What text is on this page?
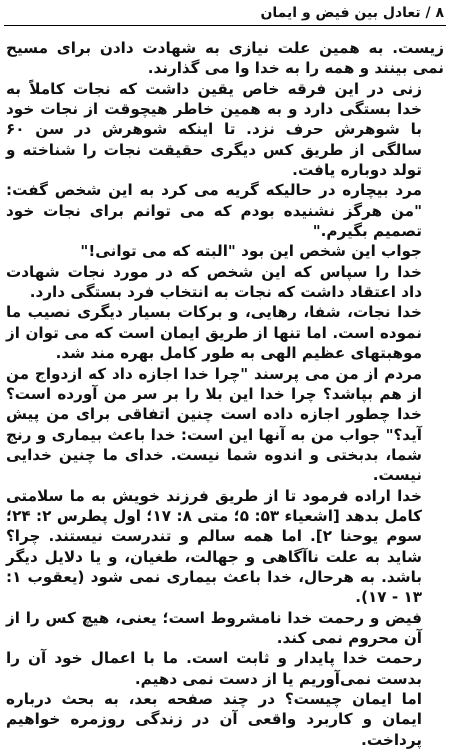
۸ / تعادل بین فیض و ایمان

زیست. به همین علت نیازی به شهادت دادن برای مسیح نمی بینند و همه را به خدا وا می گذارند.

زنی در این فرقه خاص یقین داشت که نجات کاملاً به خدا بستگی دارد و به همین خاطر هیچوقت از نجات خود با شوهرش حرف نزد. تا اینکه شوهرش در سن ۶۰ سالگی از طریق کس دیگری حقیقت نجات را شناخته و تولد دوباره یافت.

مرد بیچاره در حالیکه گریه می کرد به این شخص گفت: "من هرگز نشنیده بودم که می توانم برای نجات خود تصمیم بگیرم."

جواب این شخص این بود "البته که می توانی!"

خدا را سپاس که این شخص که در مورد نجات شهادت داد اعتقاد داشت که نجات به انتخاب فرد بستگی دارد.

خدا نجات، شفا، رهایی، و برکات بسیار دیگری نصیب ما نموده است. اما تنها از طریق ایمان است که می توان از موهبتهای عظیم الهی به طور کامل بهره مند شد.

مردم از من می پرسند "چرا خدا اجازه داد که ازدواج من از هم بپاشد؟ چرا خدا این بلا را بر سر من آورده است؟ خدا چطور اجازه داده است چنین اتفاقی برای من پیش آید؟" جواب من به آنها این است: خدا باعث بیماری و رنج شما، بدبختی و اندوه شما نیست. خدای ما چنین خدایی نیست.

خدا اراده فرمود تا از طریق فرزند خویش به ما سلامتی کامل بدهد [اشعیاء ۵۳: ۵؛ متی ۸: ۱۷؛ اول پطرس ۲: ۲۴؛ سوم یوحنا ۲]. اما همه سالم و تندرست نیستند. چرا؟ شاید به علت ناآگاهی و جهالت، طغیان، و یا دلایل دیگر باشد. به هرحال، خدا باعث بیماری نمی شود (یعقوب ۱: ۱۳ - ۱۷).

فیض و رحمت خدا نامشروط است؛ یعنی، هیچ کس را از آن محروم نمی کند.

رحمت خدا پایدار و ثابت است. ما با اعمال خود آن را بدست نمی‌آوریم یا از دست نمی دهیم.

اما ایمان چیست؟ در چند صفحه بعد، به بحث درباره ایمان و کاربرد واقعی آن در زندگی روزمره خواهیم پرداخت.
